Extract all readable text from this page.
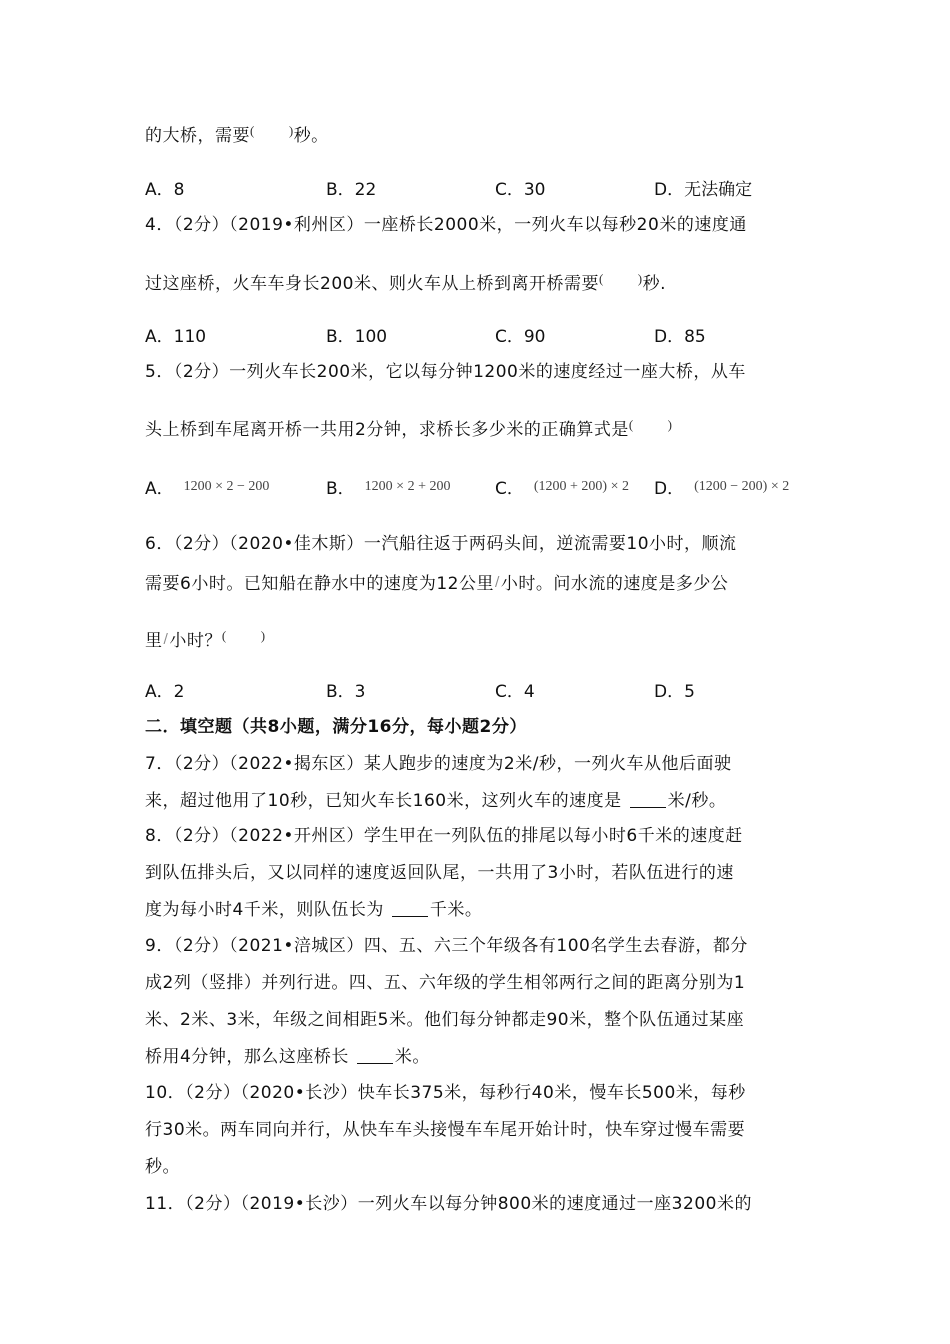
的大桥，需要(	)秒。
A．8	B．22	C．30	D．无法确定
4．（2分）（2019•利州区）一座桥长2000米，一列火车以每秒20米的速度通
过这座桥，火车车身长200米、则火车从上桥到离开桥需要(	)秒.
A．110	B．100	C．90	D．85
5．（2分）一列火车长200米，它以每分钟1200米的速度经过一座大桥，从车
头上桥到车尾离开桥一共用2分钟，求桥长多少米的正确算式是(	)
A． $^{1200 \times 2 - 200}$	B． $^{1200 \times 2 + 200}$	C． $^{(1200 + 200) \times 2}$ D． $^{(1200 - 200) \times 2}$
6．（2分）（2020•佳木斯）一汽船往返于两码头间，逆流需要10小时，顺流
需要6小时。已知船在静水中的速度为12公里/小时。问水流的速度是多少公
里/小时？(	)
A．2	B．3	C．4	D．5
二．填空题（共8小题，满分16分，每小题2分）
7．（2分）（2022•揭东区）某人跑步的速度为2米/秒，一列火车从他后面驶
来，超过他用了10秒，已知火车长160米，这列火车的速度是	米/秒。
8．（2分）（2022•开州区）学生甲在一列队伍的排尾以每小时6千米的速度赶
到队伍排头后，又以同样的速度返回队尾，一共用了3小时，若队伍进行的速
度为每小时4千米，则队伍长为	千米。
9．（2分）（2021•涪城区）四、五、六三个年级各有100名学生去春游，都分
成2列（竖排）并列行进。四、五、六年级的学生相邻两行之间的距离分别为1
米、2米、3米，年级之间相距5米。他们每分钟都走90米，整个队伍通过某座
桥用4分钟，那么这座桥长	米。
10．（2分）（2020•长沙）快车长375米，每秒行40米，慢车长500米，每秒
行30米。两车同向并行，从快车车头接慢车车尾开始计时，快车穿过慢车需要
秒。
11．（2分）（2019•长沙）一列火车以每分钟800米的速度通过一座3200米的
